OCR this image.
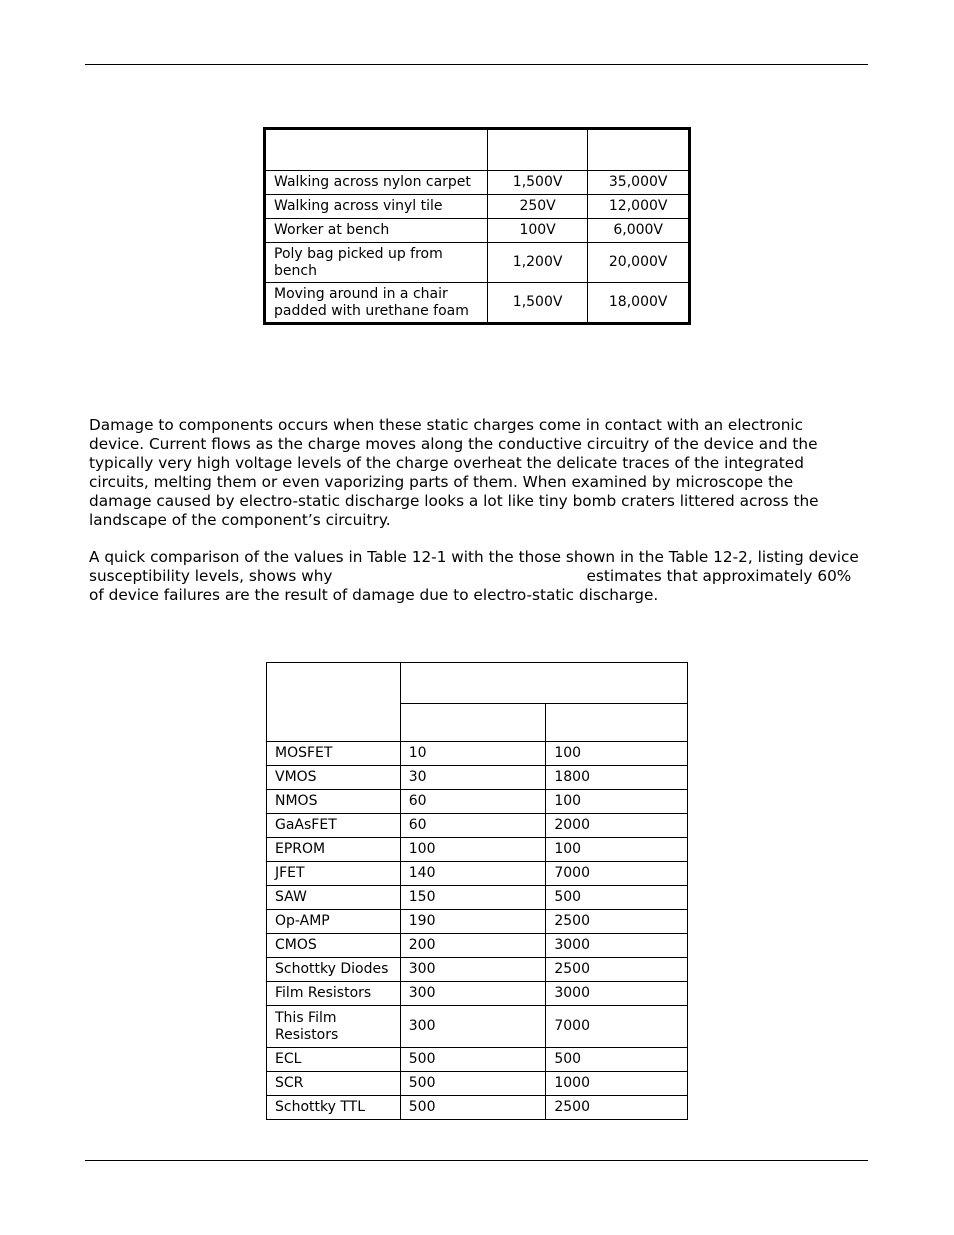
Walking across nylon carpet	1,500V	35,000V
Walking across vinyl tile	250V	12,000V
Worker at bench	100V	6,000V
Poly bag picked up from bench	1,200V	20,000V
Moving around in a chair padded with urethane foam	1,500V	18,000V

Damage to components occurs when these static charges come in contact with an electronic device. Current flows as the charge moves along the conductive circuitry of the device and the typically very high voltage levels of the charge overheat the delicate traces of the integrated circuits, melting them or even vaporizing parts of them. When examined by microscope the damage caused by electro-static discharge looks a lot like tiny bomb craters littered across the landscape of the component’s circuitry.

A quick comparison of the values in Table 12-1 with the those shown in the Table 12-2, listing device susceptibility levels, shows why	estimates that approximately 60% of device failures are the result of damage due to electro-static discharge.

MOSFET	10	100
VMOS	30	1800
NMOS	60	100
GaAsFET	60	2000
EPROM	100	100
JFET	140	7000
SAW	150	500
Op-AMP	190	2500
CMOS	200	3000
Schottky Diodes	300	2500
Film Resistors	300	3000
This Film Resistors	300	7000
ECL	500	500
SCR	500	1000
Schottky TTL	500	2500
